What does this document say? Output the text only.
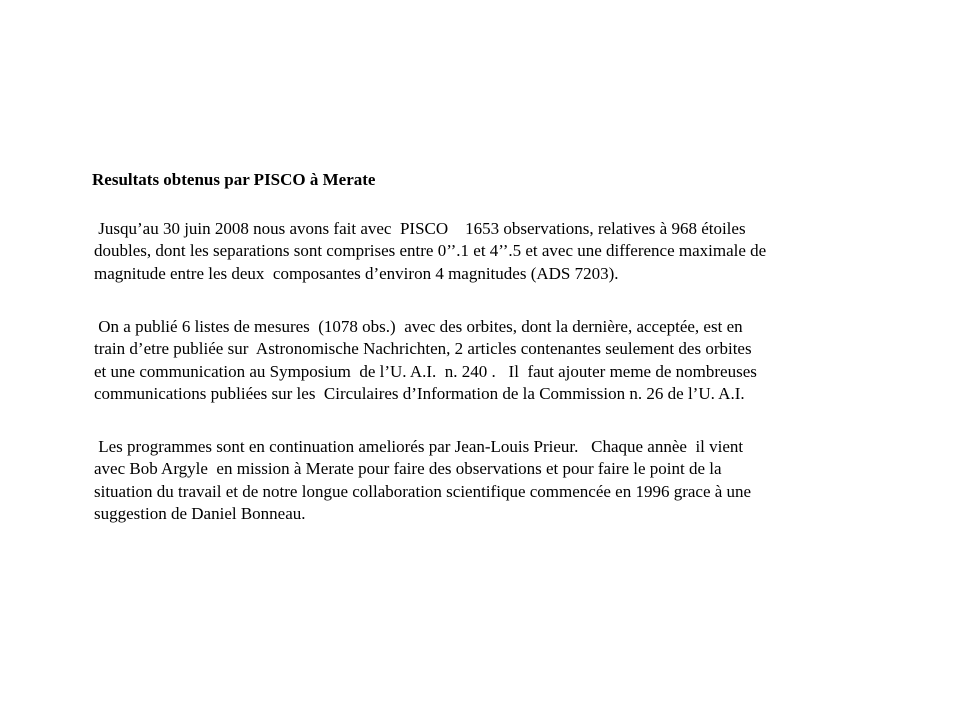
Resultats obtenus par PISCO à Merate
Jusqu’au 30 juin 2008 nous avons fait avec  PISCO    1653 observations, relatives à 968 étoiles
doubles, dont les separations sont comprises entre 0’’.1 et 4’’.5 et avec une difference maximale de
magnitude entre les deux  composantes d’environ 4 magnitudes (ADS 7203).
On a publié 6 listes de mesures  (1078 obs.)  avec des orbites, dont la dernière, acceptée, est en
train d’etre publiée sur  Astronomische Nachrichten, 2 articles contenantes seulement des orbites
et une communication au Symposium  de l’U. A.I.  n. 240 .   Il  faut ajouter meme de nombreuses
communications publiées sur les  Circulaires d’Information de la Commission n. 26 de l’U. A.I.
Les programmes sont en continuation ameliorés par Jean-Louis Prieur.   Chaque annèe  il vient
avec Bob Argyle  en mission à Merate pour faire des observations et pour faire le point de la
situation du travail et de notre longue collaboration scientifique commencée en 1996 grace à une
suggestion de Daniel Bonneau.
